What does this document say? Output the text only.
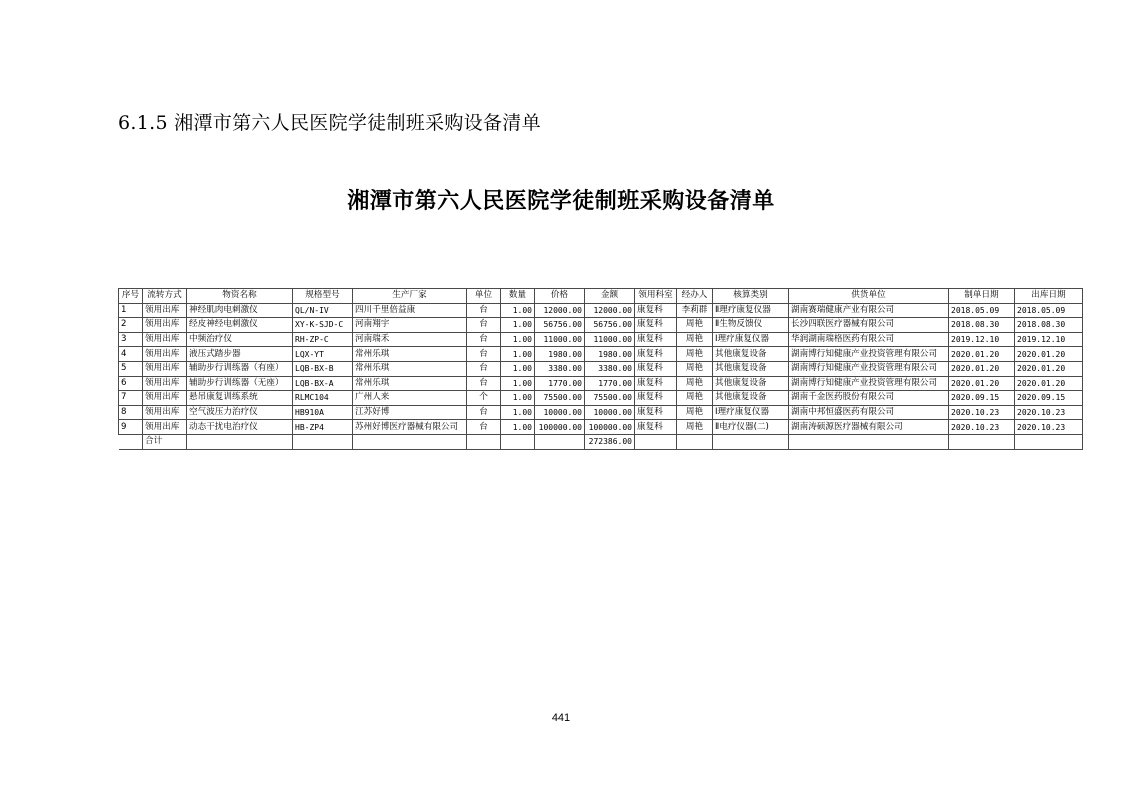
6.1.5 湘潭市第六人民医院学徒制班采购设备清单
湘潭市第六人民医院学徒制班采购设备清单
序号	流转方式	物资名称	规格型号	生产厂家	单位	数量	价格	金额	领用科室	经办人	核算类别	供货单位	制单日期	出库日期
1	领用出库	神经肌肉电刺激仪	QL/N-IV	四川千里倍益康	台	1.00	12000.00	12000.00	康复科	李莉群	Ⅱ理疗康复仪器	湖南赛瑞健康产业有限公司	2018.05.09	2018.05.09
2	领用出库	经皮神经电刺激仪	XY-K-SJD-C	河南翔宇	台	1.00	56756.00	56756.00	康复科	周艳	Ⅱ生物反馈仪	长沙四联医疗器械有限公司	2018.08.30	2018.08.30
3	领用出库	中频治疗仪	RH-ZP-C	河南瑞禾	台	1.00	11000.00	11000.00	康复科	周艳	Ⅰ理疗康复仪器	华润湖南瑞格医药有限公司	2019.12.10	2019.12.10
4	领用出库	液压式踏步器	LQX-YT	常州乐琪	台	1.00	1980.00	1980.00	康复科	周艳	其他康复设备	湖南博行知健康产业投资管理有限公司	2020.01.20	2020.01.20
5	领用出库	辅助步行训练器（有座）	LQB-BX-B	常州乐琪	台	1.00	3380.00	3380.00	康复科	周艳	其他康复设备	湖南博行知健康产业投资管理有限公司	2020.01.20	2020.01.20
6	领用出库	辅助步行训练器（无座）	LQB-BX-A	常州乐琪	台	1.00	1770.00	1770.00	康复科	周艳	其他康复设备	湖南博行知健康产业投资管理有限公司	2020.01.20	2020.01.20
7	领用出库	悬吊康复训练系统	RLMC104	广州人来	个	1.00	75500.00	75500.00	康复科	周艳	其他康复设备	湖南千金医药股份有限公司	2020.09.15	2020.09.15
8	领用出库	空气波压力治疗仪	HB910A	江苏好博	台	1.00	10000.00	10000.00	康复科	周艳	Ⅰ理疗康复仪器	湖南中邦恒盛医药有限公司	2020.10.23	2020.10.23
9	领用出库	动态干扰电治疗仪	HB-ZP4	苏州好博医疗器械有限公司	台	1.00	100000.00	100000.00	康复科	周艳	Ⅱ电疗仪器(二)	湖南涛硕源医疗器械有限公司	2020.10.23	2020.10.23
	合计							272386.00						
441
